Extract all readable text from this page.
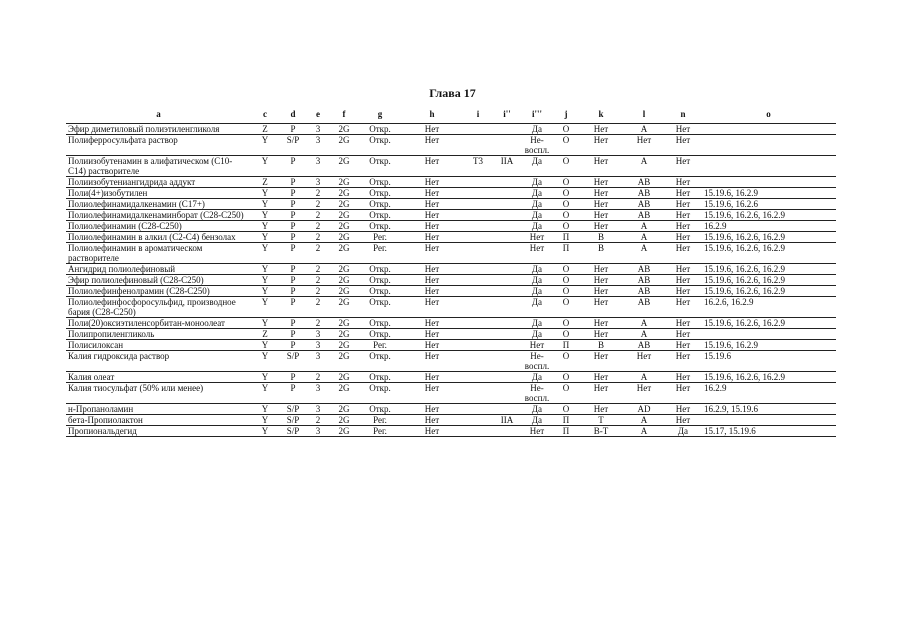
Глава 17
a	c	d	e	f	g	h	i	i''	i'''	j	k	l	n	o
Эфир диметиловый полиэтиленгликоля	Z	P	3	2G	Откр.	Нет			Да	O	Нет	A	Нет	
Полиферросульфата раствор	Y	S/P	3	2G	Откр.	Нет			Не-воспл.	O	Нет	Нет	Нет	
Полиизобутенамин в алифатическом (C10-C14) растворителе	Y	P	3	2G	Откр.	Нет	T3	IIA	Да	O	Нет	A	Нет	
Полиизобутениангидрида аддукт	Z	P	3	2G	Откр.	Нет			Да	O	Нет	AB	Нет	
Поли(4+)изобутилен	Y	P	2	2G	Откр.	Нет			Да	O	Нет	AB	Нет	15.19.6, 16.2.9
Полиолефинамидалкенамин (C17+)	Y	P	2	2G	Откр.	Нет			Да	O	Нет	AB	Нет	15.19.6, 16.2.6
Полиолефинамидалкенаминборат (C28-C250)	Y	P	2	2G	Откр.	Нет			Да	O	Нет	AB	Нет	15.19.6, 16.2.6, 16.2.9
Полиолефинамин (C28-C250)	Y	P	2	2G	Откр.	Нет			Да	O	Нет	A	Нет	16.2.9
Полиолефинамин в алкил (C2-C4) бензолах	Y	P	2	2G	Рег.	Нет			Нет	П	B	A	Нет	15.19.6, 16.2.6, 16.2.9
Полиолефинамин в ароматическом растворителе	Y	P	2	2G	Рег.	Нет			Нет	П	B	A	Нет	15.19.6, 16.2.6, 16.2.9
Ангидрид полиолефиновый	Y	P	2	2G	Откр.	Нет			Да	O	Нет	AB	Нет	15.19.6, 16.2.6, 16.2.9
Эфир полиолефиновый (C28-C250)	Y	P	2	2G	Откр.	Нет			Да	O	Нет	AB	Нет	15.19.6, 16.2.6, 16.2.9
Полиолефинфенолрамин (C28-C250)	Y	P	2	2G	Откр.	Нет			Да	O	Нет	AB	Нет	15.19.6, 16.2.6, 16.2.9
Полиолефинфосфоросульфид, производное бария (C28-C250)	Y	P	2	2G	Откр.	Нет			Да	O	Нет	AB	Нет	16.2.6, 16.2.9
Поли(20)оксиэтиленсорбитан-моноолеат	Y	P	2	2G	Откр.	Нет			Да	O	Нет	A	Нет	15.19.6, 16.2.6, 16.2.9
Полипропиленгликоль	Z	P	3	2G	Откр.	Нет			Да	O	Нет	A	Нет	
Полисилоксан	Y	P	3	2G	Рег.	Нет			Нет	П	B	AB	Нет	15.19.6, 16.2.9
Калия гидроксида раствор	Y	S/P	3	2G	Откр.	Нет			Не-воспл.	O	Нет	Нет	Нет	15.19.6
Калия олеат	Y	P	2	2G	Откр.	Нет			Да	O	Нет	A	Нет	15.19.6, 16.2.6, 16.2.9
Калия тиосульфат (50% или менее)	Y	P	3	2G	Откр.	Нет			Не-воспл.	O	Нет	Нет	Нет	16.2.9
н-Пропаноламин	Y	S/P	3	2G	Откр.	Нет			Да	O	Нет	AD	Нет	16.2.9, 15.19.6
бета-Пропиолактон	Y	S/P	2	2G	Рег.	Нет		IIA	Да	П	T	A	Нет	
Пропиональдегид	Y	S/P	3	2G	Рег.	Нет			Нет	П	B-T	A	Да	15.17, 15.19.6
